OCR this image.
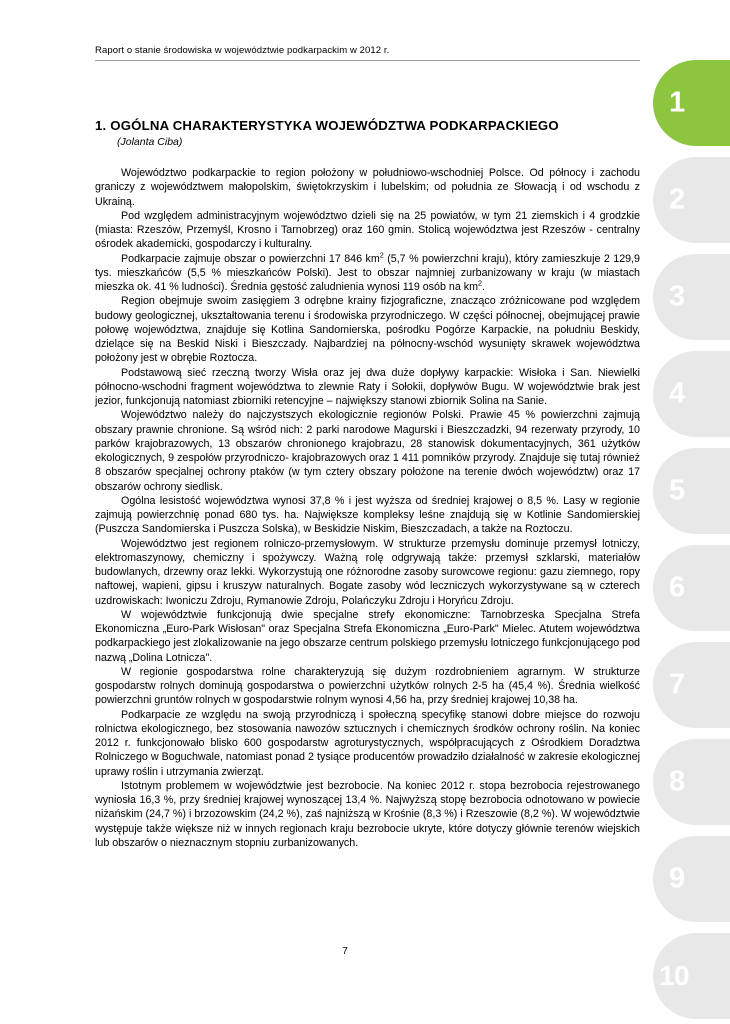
Raport o stanie środowiska w województwie podkarpackim w 2012 r.
1. OGÓLNA CHARAKTERYSTYKA WOJEWÓDZTWA PODKARPACKIEGO
(Jolanta Ciba)

Województwo podkarpackie to region położony w południowo-wschodniej Polsce. Od północy i zachodu graniczy z województwem małopolskim, świętokrzyskim i lubelskim; od południa ze Słowacją i od wschodu z Ukrainą.

Pod względem administracyjnym województwo dzieli się na 25 powiatów, w tym 21 ziemskich i 4 grodzkie (miasta: Rzeszów, Przemyśl, Krosno i Tarnobrzeg) oraz 160 gmin. Stolicą województwa jest Rzeszów - centralny ośrodek akademicki, gospodarczy i kulturalny.

Podkarpacie zajmuje obszar o powierzchni 17 846 $km^2$ (5,7 % powierzchni kraju), który zamieszkuje 2 129,9 tys. mieszkańców (5,5 % mieszkańców Polski). Jest to obszar najmniej zurbanizowany w kraju (w miastach mieszka ok. 41 % ludności). Średnia gęstość zaludnienia wynosi 119 osób na $km^2$.

Region obejmuje swoim zasięgiem 3 odrębne krainy fizjograficzne, znacząco zróżnicowane pod względem budowy geologicznej, ukształtowania terenu i środowiska przyrodniczego. W części północnej, obejmującej prawie połowę województwa, znajduje się Kotlina Sandomierska, pośrodku Pogórze Karpackie, na południu Beskidy, dzielące się na Beskid Niski i Bieszczady. Najbardziej na północny-wschód wysunięty skrawek województwa położony jest w obrębie Roztocza.

Podstawową sieć rzeczną tworzy Wisła oraz jej dwa duże dopływy karpackie: Wisłoka i San. Niewielki północno-wschodni fragment województwa to zlewnie Raty i Sołokii, dopływów Bugu. W województwie brak jest jezior, funkcjonują natomiast zbiorniki retencyjne – największy stanowi zbiornik Solina na Sanie.

Województwo należy do najczystszych ekologicznie regionów Polski. Prawie 45 % powierzchni zajmują obszary prawnie chronione. Są wśród nich: 2 parki narodowe Magurski i Bieszczadzki, 94 rezerwaty przyrody, 10 parków krajobrazowych, 13 obszarów chronionego krajobrazu, 28 stanowisk dokumentacyjnych, 361 użytków ekologicznych, 9 zespołów przyrodniczo- krajobrazowych oraz 1 411 pomników przyrody. Znajduje się tutaj również 8 obszarów specjalnej ochrony ptaków (w tym cztery obszary położone na terenie dwóch województw) oraz 17 obszarów ochrony siedlisk.

Ogólna lesistość województwa wynosi 37,8 % i jest wyższa od średniej krajowej o 8,5 %. Lasy w regionie zajmują powierzchnię ponad 680 tys. ha. Największe kompleksy leśne znajdują się w Kotlinie Sandomierskiej (Puszcza Sandomierska i Puszcza Solska), w Beskidzie Niskim, Bieszczadach, a także na Roztoczu.

Województwo jest regionem rolniczo-przemysłowym. W strukturze przemysłu dominuje przemysł lotniczy, elektromaszynowy, chemiczny i spożywczy. Ważną rolę odgrywają także: przemysł szklarski, materiałów budowlanych, drzewny oraz lekki. Wykorzystują one różnorodne zasoby surowcowe regionu: gazu ziemnego, ropy naftowej, wapieni, gipsu i kruszyw naturalnych. Bogate zasoby wód leczniczych wykorzystywane są w czterech uzdrowiskach: Iwoniczu Zdroju, Rymanowie Zdroju, Polańczyku Zdroju i Horyńcu Zdroju.

W województwie funkcjonują dwie specjalne strefy ekonomiczne: Tarnobrzeska Specjalna Strefa Ekonomiczna „Euro-Park Wisłosan" oraz Specjalna Strefa Ekonomiczna „Euro-Park" Mielec. Atutem województwa podkarpackiego jest zlokalizowanie na jego obszarze centrum polskiego przemysłu lotniczego funkcjonującego pod nazwą „Dolina Lotnicza".

W regionie gospodarstwa rolne charakteryzują się dużym rozdrobnieniem agrarnym. W strukturze gospodarstw rolnych dominują gospodarstwa o powierzchni użytków rolnych 2-5 ha (45,4 %). Średnia wielkość powierzchni gruntów rolnych w gospodarstwie rolnym wynosi 4,56 ha, przy średniej krajowej 10,38 ha.

Podkarpacie ze względu na swoją przyrodniczą i społeczną specyfikę stanowi dobre miejsce do rozwoju rolnictwa ekologicznego, bez stosowania nawozów sztucznych i chemicznych środków ochrony roślin. Na koniec 2012 r. funkcjonowało blisko 600 gospodarstw agroturystycznych, współpracujących z Ośrodkiem Doradztwa Rolniczego w Boguchwale, natomiast ponad 2 tysiące producentów prowadziło działalność w zakresie ekologicznej uprawy roślin i utrzymania zwierząt.

Istotnym problemem w województwie jest bezrobocie. Na koniec 2012 r. stopa bezrobocia rejestrowanego wyniosła 16,3 %, przy średniej krajowej wynoszącej 13,4 %. Najwyższą stopę bezrobocia odnotowano w powiecie niżańskim (24,7 %) i brzozowskim (24,2 %), zaś najniższą w Krośnie (8,3 %) i Rzeszowie (8,2 %). W województwie występuje także większe niż w innych regionach kraju bezrobocie ukryte, które dotyczy głównie terenów wiejskich lub obszarów o nieznacznym stopniu zurbanizowanych.

7
1
2
3
4
5
6
7
8
9
10
